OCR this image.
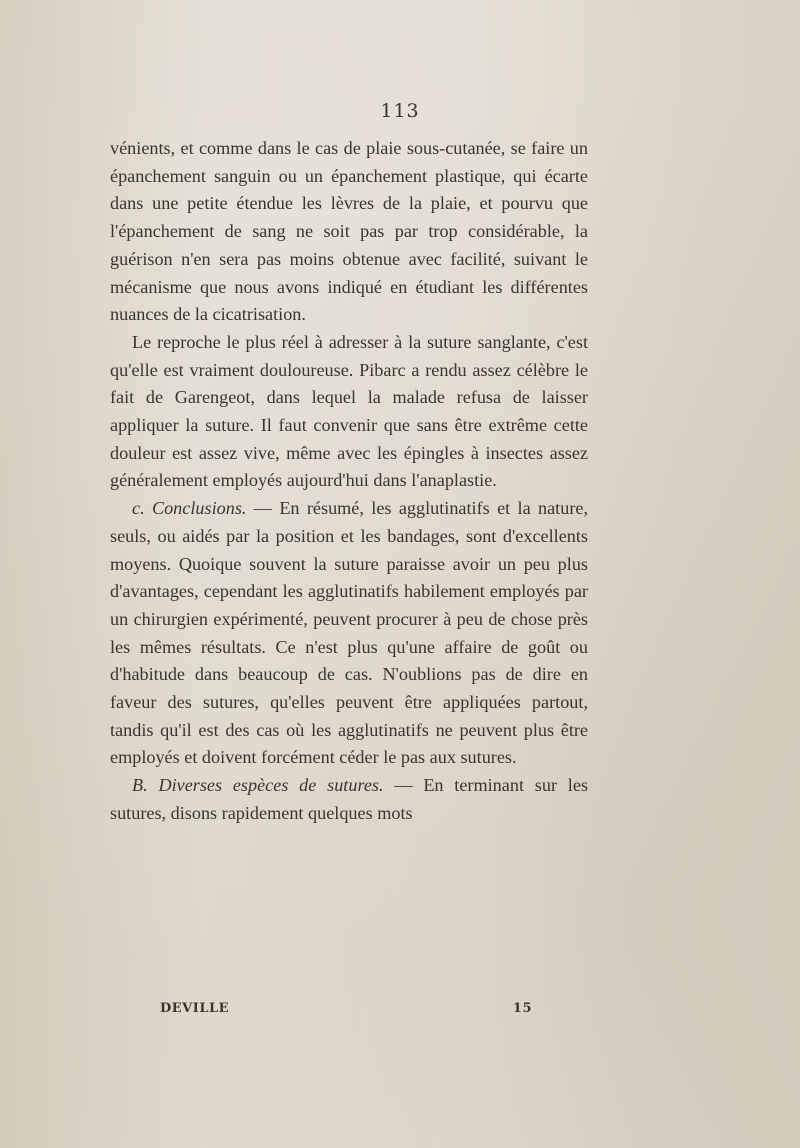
113

vénients, et comme dans le cas de plaie sous-cutanée, se faire un épanchement sanguin ou un épanchement plastique, qui écarte dans une petite étendue les lèvres de la plaie, et pourvu que l'épanchement de sang ne soit pas par trop considérable, la guérison n'en sera pas moins obtenue avec facilité, suivant le mécanisme que nous avons indiqué en étudiant les différentes nuances de la cicatrisation.

Le reproche le plus réel à adresser à la suture sanglante, c'est qu'elle est vraiment douloureuse. Pibarc a rendu assez célèbre le fait de Garengeot, dans lequel la malade refusa de laisser appliquer la suture. Il faut convenir que sans être extrême cette douleur est assez vive, même avec les épingles à insectes assez généralement employés aujourd'hui dans l'anaplastie.

c. Conclusions. — En résumé, les agglutinatifs et la nature, seuls, ou aidés par la position et les bandages, sont d'excellents moyens. Quoique souvent la suture paraisse avoir un peu plus d'avantages, cependant les agglutinatifs habilement employés par un chirurgien expérimenté, peuvent procurer à peu de chose près les mêmes résultats. Ce n'est plus qu'une affaire de goût ou d'habitude dans beaucoup de cas. N'oublions pas de dire en faveur des sutures, qu'elles peuvent être appliquées partout, tandis qu'il est des cas où les agglutinatifs ne peuvent plus être employés et doivent forcément céder le pas aux sutures.

B. Diverses espèces de sutures. — En terminant sur les sutures, disons rapidement quelques mots

DEVILLE	15
